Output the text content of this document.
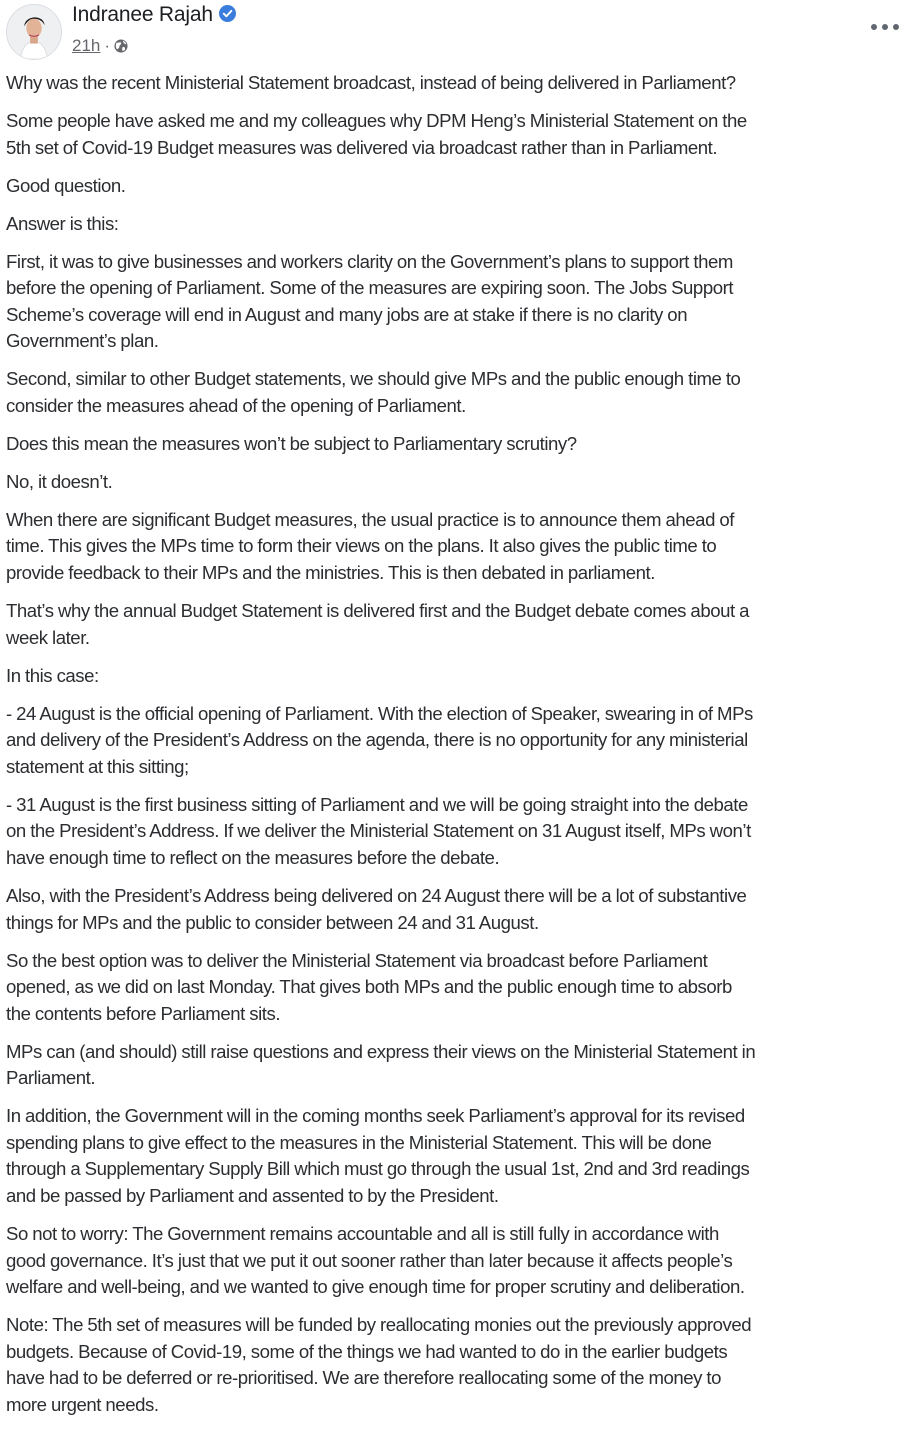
Indranee Rajah
21h ·

Why was the recent Ministerial Statement broadcast, instead of being delivered in Parliament?

Some people have asked me and my colleagues why DPM Heng’s Ministerial Statement on the
5th set of Covid-19 Budget measures was delivered via broadcast rather than in Parliament.

Good question.

Answer is this:

First, it was to give businesses and workers clarity on the Government’s plans to support them
before the opening of Parliament. Some of the measures are expiring soon. The Jobs Support
Scheme’s coverage will end in August and many jobs are at stake if there is no clarity on
Government’s plan.

Second, similar to other Budget statements, we should give MPs and the public enough time to
consider the measures ahead of the opening of Parliament.

Does this mean the measures won’t be subject to Parliamentary scrutiny?

No, it doesn’t.

When there are significant Budget measures, the usual practice is to announce them ahead of
time. This gives the MPs time to form their views on the plans. It also gives the public time to
provide feedback to their MPs and the ministries. This is then debated in parliament.

That’s why the annual Budget Statement is delivered first and the Budget debate comes about a
week later.

In this case:

- 24 August is the official opening of Parliament. With the election of Speaker, swearing in of MPs
and delivery of the President’s Address on the agenda, there is no opportunity for any ministerial
statement at this sitting;

- 31 August is the first business sitting of Parliament and we will be going straight into the debate
on the President’s Address. If we deliver the Ministerial Statement on 31 August itself, MPs won’t
have enough time to reflect on the measures before the debate.

Also, with the President’s Address being delivered on 24 August there will be a lot of substantive
things for MPs and the public to consider between 24 and 31 August.

So the best option was to deliver the Ministerial Statement via broadcast before Parliament
opened, as we did on last Monday. That gives both MPs and the public enough time to absorb
the contents before Parliament sits.

MPs can (and should) still raise questions and express their views on the Ministerial Statement in
Parliament.

In addition, the Government will in the coming months seek Parliament’s approval for its revised
spending plans to give effect to the measures in the Ministerial Statement. This will be done
through a Supplementary Supply Bill which must go through the usual 1st, 2nd and 3rd readings
and be passed by Parliament and assented to by the President.

So not to worry: The Government remains accountable and all is still fully in accordance with
good governance. It’s just that we put it out sooner rather than later because it affects people’s
welfare and well-being, and we wanted to give enough time for proper scrutiny and deliberation.

Note: The 5th set of measures will be funded by reallocating monies out the previously approved
budgets. Because of Covid-19, some of the things we had wanted to do in the earlier budgets
have had to be deferred or re-prioritised. We are therefore reallocating some of the money to
more urgent needs.
